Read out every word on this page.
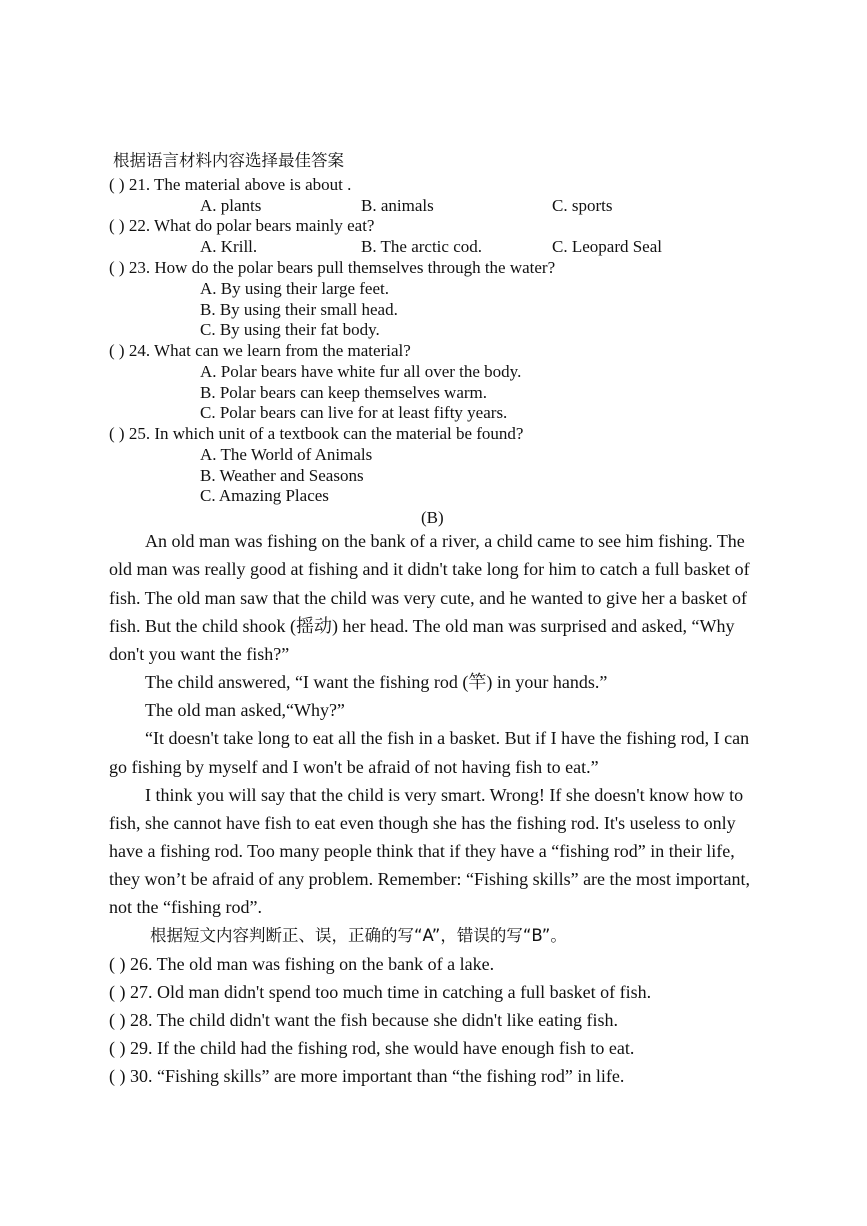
根据语言材料内容选择最佳答案
( ) 21. The material above is about .
A. plants	B. animals	C. sports
( ) 22. What do polar bears mainly eat?
A. Krill.	B. The arctic cod.	C. Leopard Seal
( ) 23. How do the polar bears pull themselves through the water?
A. By using their large feet.
B. By using their small head.
C. By using their fat body.
( ) 24. What can we learn from the material?
A. Polar bears have white fur all over the body.
B. Polar bears can keep themselves warm.
C. Polar bears can live for at least fifty years.
( ) 25. In which unit of a textbook can the material be found?
A. The World of Animals
B. Weather and Seasons
C. Amazing Places
(B)
An old man was fishing on the bank of a river, a child came to see him fishing. The
old man was really good at fishing and it didn't take long for him to catch a full basket of
fish. The old man saw that the child was very cute, and he wanted to give her a basket of
fish. But the child shook (摇动) her head. The old man was surprised and asked, “Why
don't you want the fish?”
The child answered, “I want the fishing rod (竿) in your hands.”
The old man asked,“Why?”
“It doesn't take long to eat all the fish in a basket. But if I have the fishing rod, I can
go fishing by myself and I won't be afraid of not having fish to eat.”
I think you will say that the child is very smart. Wrong! If she doesn't know how to
fish, she cannot have fish to eat even though she has the fishing rod. It's useless to only
have a fishing rod. Too many people think that if they have a “fishing rod” in their life,
they won’t be afraid of any problem. Remember: “Fishing skills” are the most important,
not the “fishing rod”.
根据短文内容判断正、误，正确的写“A”，错误的写“B”。
( ) 26. The old man was fishing on the bank of a lake.
( ) 27. Old man didn't spend too much time in catching a full basket of fish.
( ) 28. The child didn't want the fish because she didn't like eating fish.
( ) 29. If the child had the fishing rod, she would have enough fish to eat.
( ) 30. “Fishing skills” are more important than “the fishing rod” in life.
